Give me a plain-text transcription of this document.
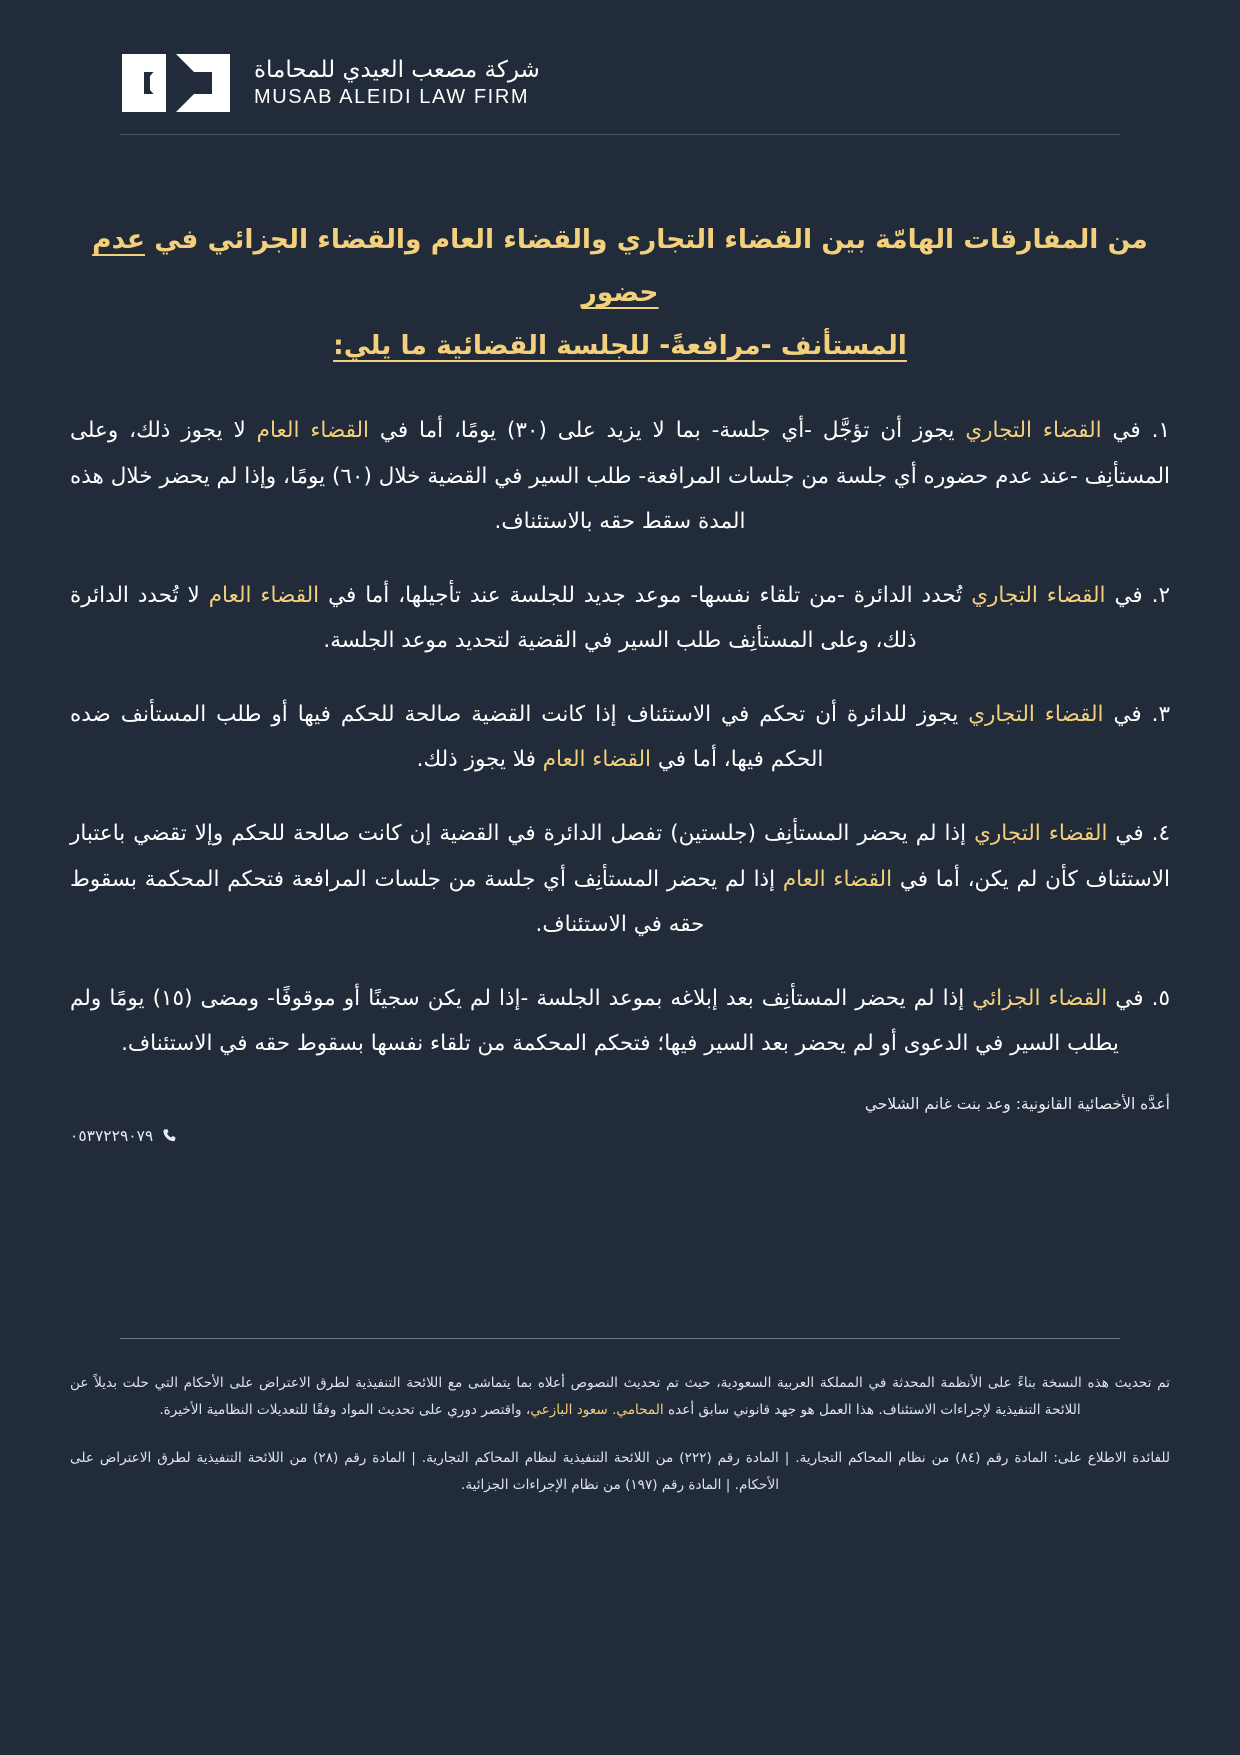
شركة مصعب العيدي للمحاماة
MUSAB ALEIDI LAW FIRM
من المفارقات الهامّة بين القضاء التجاري والقضاء العام والقضاء الجزائي في عدم حضور
المستأنف -مرافعةً- للجلسة القضائية ما يلي:

١. في القضاء التجاري يجوز أن تؤجَّل -أي جلسة- بما لا يزيد على (٣٠) يومًا، أما في القضاء العام لا يجوز ذلك، وعلى المستأنِف -عند عدم حضوره أي جلسة من جلسات المرافعة- طلب السير في القضية خلال (٦٠) يومًا، وإذا لم يحضر خلال هذه المدة سقط حقه بالاستئناف.

٢. في القضاء التجاري تُحدد الدائرة -من تلقاء نفسها- موعد جديد للجلسة عند تأجيلها، أما في القضاء العام لا تُحدد الدائرة ذلك، وعلى المستأنِف طلب السير في القضية لتحديد موعد الجلسة.

٣. في القضاء التجاري يجوز للدائرة أن تحكم في الاستئناف إذا كانت القضية صالحة للحكم فيها أو طلب المستأنف ضده الحكم فيها، أما في القضاء العام فلا يجوز ذلك.

٤. في القضاء التجاري إذا لم يحضر المستأنِف (جلستين) تفصل الدائرة في القضية إن كانت صالحة للحكم وإلا تقضي باعتبار الاستئناف كأن لم يكن، أما في القضاء العام إذا لم يحضر المستأنِف أي جلسة من جلسات المرافعة فتحكم المحكمة بسقوط حقه في الاستئناف.

٥. في القضاء الجزائي إذا لم يحضر المستأنِف بعد إبلاغه بموعد الجلسة -إذا لم يكن سجينًا أو موقوفًا- ومضى (١٥) يومًا ولم يطلب السير في الدعوى أو لم يحضر بعد السير فيها؛ فتحكم المحكمة من تلقاء نفسها بسقوط حقه في الاستئناف.

أعدَّه الأخصائية القانونية: وعد بنت غانم الشلاحي
٠٥٣٧٢٢٩٠٧٩

تم تحديث هذه النسخة بناءً على الأنظمة المحدثة في المملكة العربية السعودية، حيث تم تحديث النصوص أعلاه بما يتماشى مع اللائحة التنفيذية لطرق الاعتراض على الأحكام التي حلت بديلاً عن اللائحة التنفيذية لإجراءات الاستئناف. هذا العمل هو جهد قانوني سابق أعده المحامي. سعود البازعي، واقتصر دوري على تحديث المواد وفقًا للتعديلات النظامية الأخيرة.

للفائدة الاطلاع على: المادة رقم (٨٤) من نظام المحاكم التجارية. | المادة رقم (٢٢٢) من اللائحة التنفيذية لنظام المحاكم التجارية. | المادة رقم (٢٨) من اللائحة التنفيذية لطرق الاعتراض على الأحكام. | المادة رقم (١٩٧) من نظام الإجراءات الجزائية.
